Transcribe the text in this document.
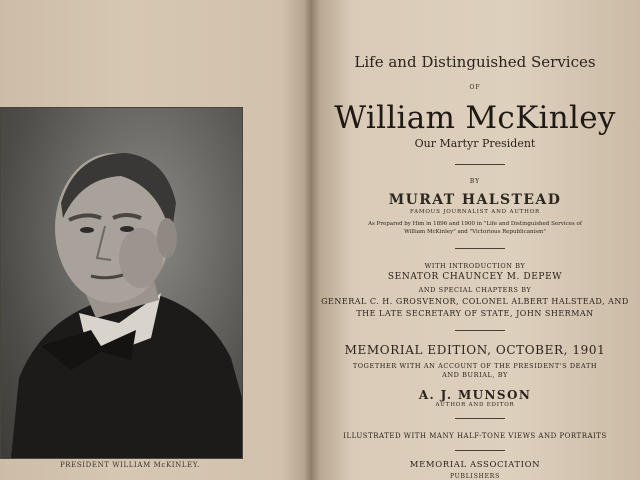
PRESIDENT WILLIAM McKINLEY.
Life and Distinguished Services
OF
William McKinley
Our Martyr President
BY
MURAT HALSTEAD
FAMOUS JOURNALIST AND AUTHOR
As Prepared by Him in 1896 and 1900 in "Life and Distinguished Services of
William McKinley" and "Victorious Republicanism"
WITH INTRODUCTION BY
SENATOR CHAUNCEY M. DEPEW
AND SPECIAL CHAPTERS BY
GENERAL C. H. GROSVENOR, COLONEL ALBERT HALSTEAD, AND
THE LATE SECRETARY OF STATE, JOHN SHERMAN
MEMORIAL EDITION, OCTOBER, 1901
TOGETHER WITH AN ACCOUNT OF THE PRESIDENT'S DEATH
AND BURIAL, BY
A. J. MUNSON
AUTHOR AND EDITOR
ILLUSTRATED WITH MANY HALF-TONE VIEWS AND PORTRAITS
MEMORIAL ASSOCIATION
PUBLISHERS
